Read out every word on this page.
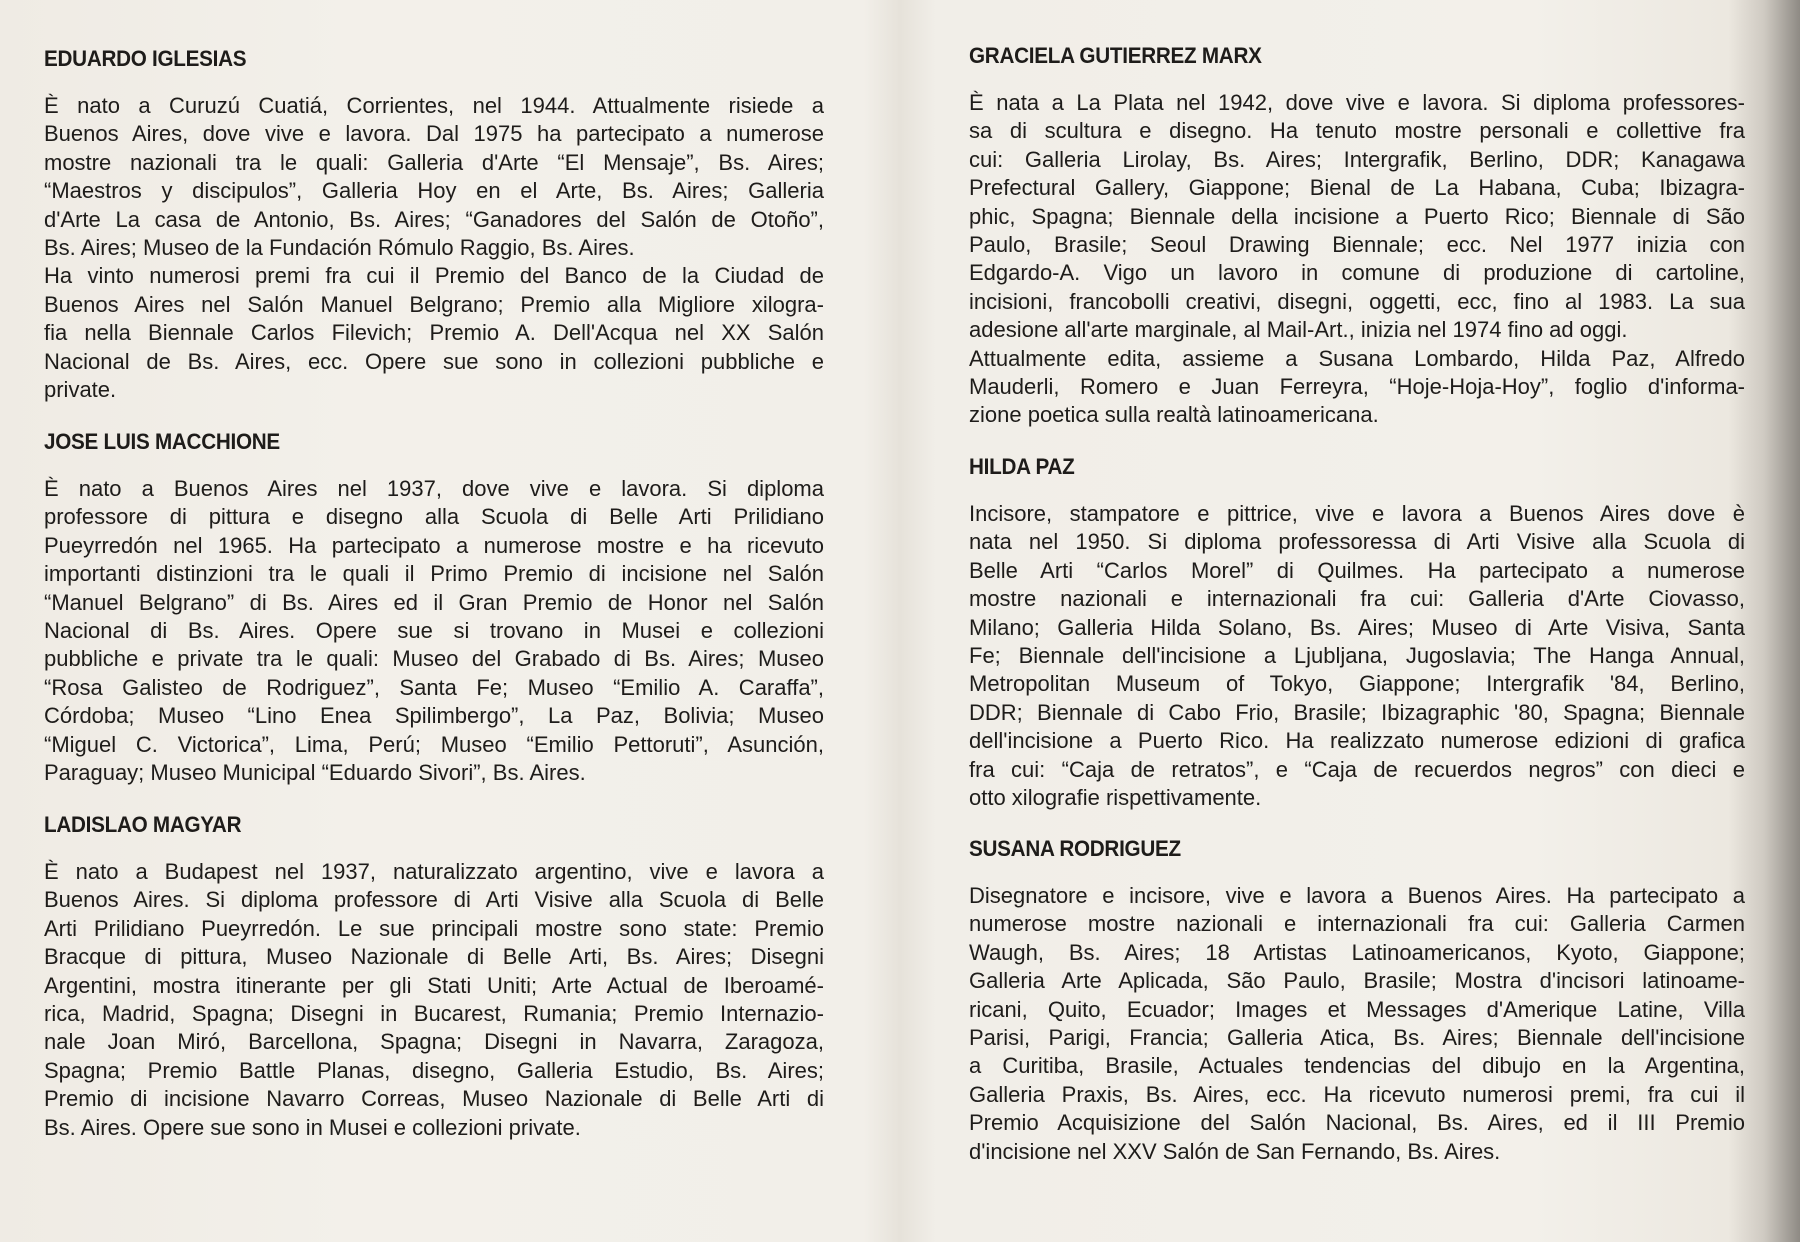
EDUARDO IGLESIAS
È nato a Curuzú Cuatiá, Corrientes, nel 1944. Attualmente risiede a
Buenos Aires, dove vive e lavora. Dal 1975 ha partecipato a numerose
mostre nazionali tra le quali: Galleria d'Arte “El Mensaje”, Bs. Aires;
“Maestros y discipulos”, Galleria Hoy en el Arte, Bs. Aires; Galleria
d'Arte La casa de Antonio, Bs. Aires; “Ganadores del Salón de Otoño”,
Bs. Aires; Museo de la Fundación Rómulo Raggio, Bs. Aires.
Ha vinto numerosi premi fra cui il Premio del Banco de la Ciudad de
Buenos Aires nel Salón Manuel Belgrano; Premio alla Migliore xilogra-
fia nella Biennale Carlos Filevich; Premio A. Dell'Acqua nel XX Salón
Nacional de Bs. Aires, ecc. Opere sue sono in collezioni pubbliche e
private.
JOSE LUIS MACCHIONE
È nato a Buenos Aires nel 1937, dove vive e lavora. Si diploma
professore di pittura e disegno alla Scuola di Belle Arti Prilidiano
Pueyrredón nel 1965. Ha partecipato a numerose mostre e ha ricevuto
importanti distinzioni tra le quali il Primo Premio di incisione nel Salón
“Manuel Belgrano” di Bs. Aires ed il Gran Premio de Honor nel Salón
Nacional di Bs. Aires. Opere sue si trovano in Musei e collezioni
pubbliche e private tra le quali: Museo del Grabado di Bs. Aires; Museo
“Rosa Galisteo de Rodriguez”, Santa Fe; Museo “Emilio A. Caraffa”,
Córdoba; Museo “Lino Enea Spilimbergo”, La Paz, Bolivia; Museo
“Miguel C. Victorica”, Lima, Perú; Museo “Emilio Pettoruti”, Asunción,
Paraguay; Museo Municipal “Eduardo Sivori”, Bs. Aires.
LADISLAO MAGYAR
È nato a Budapest nel 1937, naturalizzato argentino, vive e lavora a
Buenos Aires. Si diploma professore di Arti Visive alla Scuola di Belle
Arti Prilidiano Pueyrredón. Le sue principali mostre sono state: Premio
Bracque di pittura, Museo Nazionale di Belle Arti, Bs. Aires; Disegni
Argentini, mostra itinerante per gli Stati Uniti; Arte Actual de Iberoamé-
rica, Madrid, Spagna; Disegni in Bucarest, Rumania; Premio Internazio-
nale Joan Miró, Barcellona, Spagna; Disegni in Navarra, Zaragoza,
Spagna; Premio Battle Planas, disegno, Galleria Estudio, Bs. Aires;
Premio di incisione Navarro Correas, Museo Nazionale di Belle Arti di
Bs. Aires. Opere sue sono in Musei e collezioni private.
GRACIELA GUTIERREZ MARX
È nata a La Plata nel 1942, dove vive e lavora. Si diploma professores-
sa di scultura e disegno. Ha tenuto mostre personali e collettive fra
cui: Galleria Lirolay, Bs. Aires; Intergrafik, Berlino, DDR; Kanagawa
Prefectural Gallery, Giappone; Bienal de La Habana, Cuba; Ibizagra-
phic, Spagna; Biennale della incisione a Puerto Rico; Biennale di São
Paulo, Brasile; Seoul Drawing Biennale; ecc. Nel 1977 inizia con
Edgardo-A. Vigo un lavoro in comune di produzione di cartoline,
incisioni, francobolli creativi, disegni, oggetti, ecc, fino al 1983. La sua
adesione all'arte marginale, al Mail-Art., inizia nel 1974 fino ad oggi.
Attualmente edita, assieme a Susana Lombardo, Hilda Paz, Alfredo
Mauderli, Romero e Juan Ferreyra, “Hoje-Hoja-Hoy”, foglio d'informa-
zione poetica sulla realtà latinoamericana.
HILDA PAZ
Incisore, stampatore e pittrice, vive e lavora a Buenos Aires dove è
nata nel 1950. Si diploma professoressa di Arti Visive alla Scuola di
Belle Arti “Carlos Morel” di Quilmes. Ha partecipato a numerose
mostre nazionali e internazionali fra cui: Galleria d'Arte Ciovasso,
Milano; Galleria Hilda Solano, Bs. Aires; Museo di Arte Visiva, Santa
Fe; Biennale dell'incisione a Ljubljana, Jugoslavia; The Hanga Annual,
Metropolitan Museum of Tokyo, Giappone; Intergrafik '84, Berlino,
DDR; Biennale di Cabo Frio, Brasile; Ibizagraphic '80, Spagna; Biennale
dell'incisione a Puerto Rico. Ha realizzato numerose edizioni di grafica
fra cui: “Caja de retratos”, e “Caja de recuerdos negros” con dieci e
otto xilografie rispettivamente.
SUSANA RODRIGUEZ
Disegnatore e incisore, vive e lavora a Buenos Aires. Ha partecipato a
numerose mostre nazionali e internazionali fra cui: Galleria Carmen
Waugh, Bs. Aires; 18 Artistas Latinoamericanos, Kyoto, Giappone;
Galleria Arte Aplicada, São Paulo, Brasile; Mostra d'incisori latinoame-
ricani, Quito, Ecuador; Images et Messages d'Amerique Latine, Villa
Parisi, Parigi, Francia; Galleria Atica, Bs. Aires; Biennale dell'incisione
a Curitiba, Brasile, Actuales tendencias del dibujo en la Argentina,
Galleria Praxis, Bs. Aires, ecc. Ha ricevuto numerosi premi, fra cui il
Premio Acquisizione del Salón Nacional, Bs. Aires, ed il III Premio
d'incisione nel XXV Salón de San Fernando, Bs. Aires.
